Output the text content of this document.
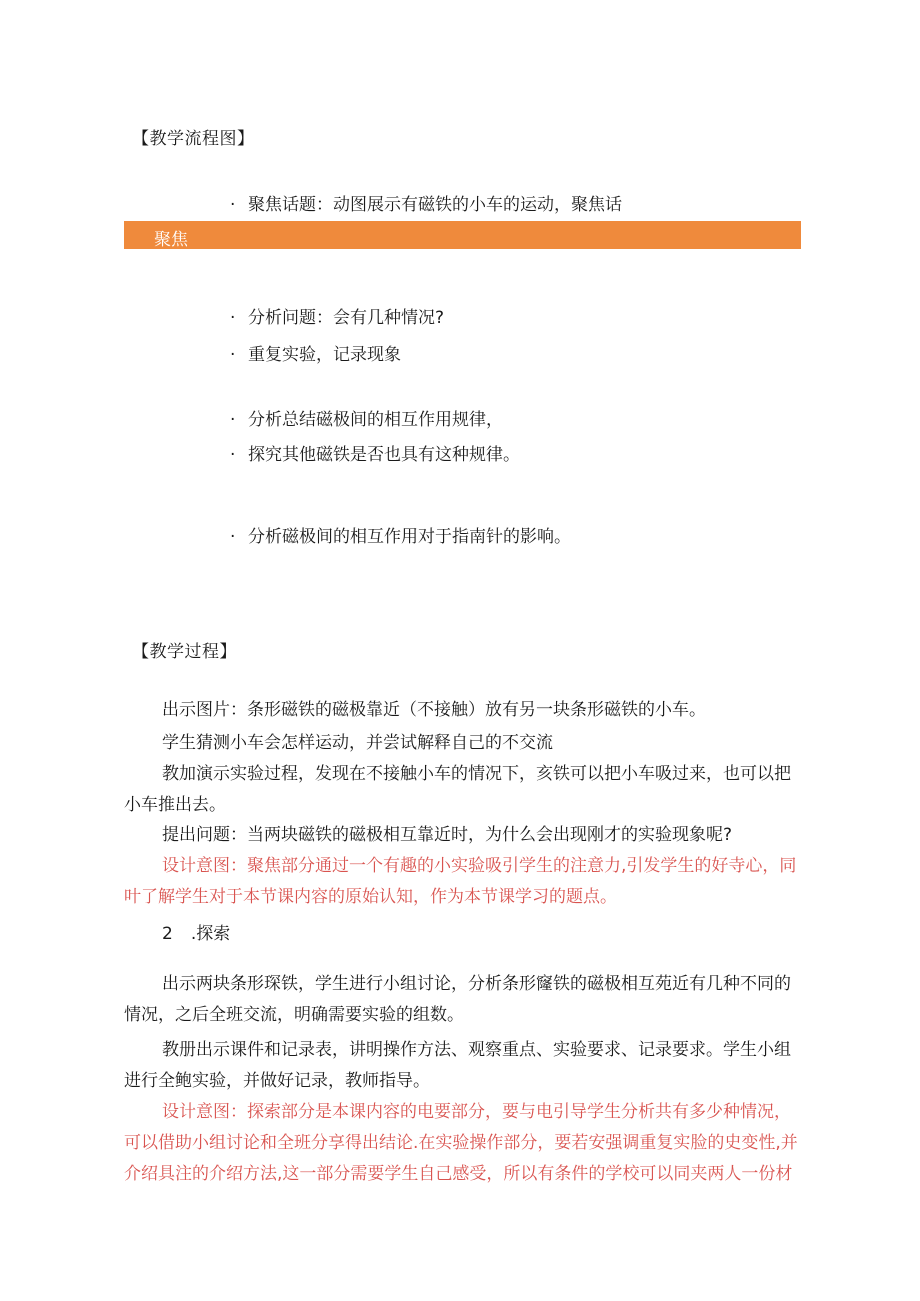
【教学流程图】
· 聚焦话题：动图展示有磁铁的小车的运动，聚焦话
聚焦
· 分析问题：会有几种情况?
· 重复实验，记录现象
· 分析总结磁极间的相互作用规律，
· 探究其他磁铁是否也具有这种规律。
· 分析磁极间的相互作用对于指南针的影响。
【教学过程】
出示图片：条形磁铁的磁极靠近（不接触）放有另一块条形磁铁的小车。
学生猜测小车会怎样运动，并尝试解释自己的不交流
教加演示实验过程，发现在不接触小车的情况下，亥铁可以把小车吸过来，也可以把
小车推出去。
提出问题：当两块磁铁的磁极相互靠近时，为什么会出现刚才的实验现象呢?
设计意图：聚焦部分通过一个有趣的小实验吸引学生的注意力,引发学生的好寺心，同
叶了解学生对于本节课内容的原始认知，作为本节课学习的题点。
2 .探索
出示两块条形琛铁，学生进行小组讨论，分析条形窿铁的磁极相互苑近有几种不同的
情况，之后全班交流，明确需要实验的组数。
教册出示课件和记录表，讲明操作方法、观察重点、实验要求、记录要求。学生小组
进行全鲍实验，并做好记录，教师指导。
设计意图：探索部分是本课内容的电要部分，要与电引导学生分析共有多少种情况，
可以借助小组讨论和全班分享得出结论.在实验操作部分，要若安强调重复实脸的史变性,并
介绍具注的介绍方法,这一部分需要学生自己感受，所以有条件的学校可以同夹两人一份材
